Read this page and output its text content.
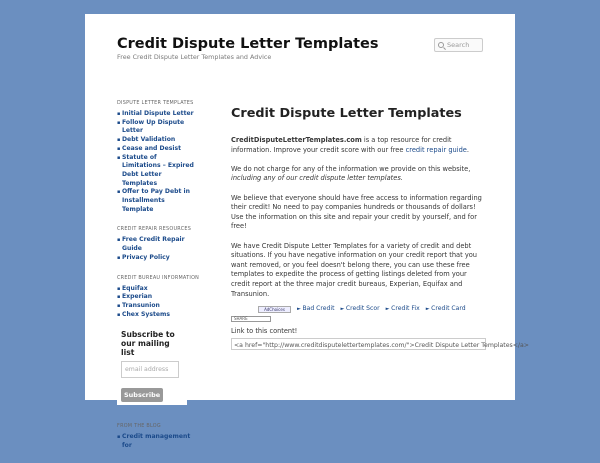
Credit Dispute Letter Templates
Free Credit Dispute Letter Templates and Advice
Search
DISPUTE LETTER TEMPLATES
▪ Initial Dispute Letter
▪ Follow Up Dispute Letter
▪ Debt Validation
▪ Cease and Desist
▪ Statute of Limitations – Expired Debt Letter Templates
▪ Offer to Pay Debt in Installments Template
CREDIT REPAIR RESOURCES
▪ Free Credit Repair Guide
▪ Privacy Policy
CREDIT BUREAU INFORMATION
▪ Equifax
▪ Experian
▪ Transunion
▪ Chex Systems
Subscribe to our mailing list
email address
Subscribe
FROM THE BLOG
▪ Credit management for
Credit Dispute Letter Templates

CreditDisputeLetterTemplates.com is a top resource for credit information. Improve your credit score with our free credit repair guide.

We do not charge for any of the information we provide on this website, including any of our credit dispute letter templates.

We believe that everyone should have free access to information regarding their credit! No need to pay companies hundreds or thousands of dollars! Use the information on this site and repair your credit by yourself, and for free!

We have Credit Dispute Letter Templates for a variety of credit and debt situations. If you have negative information on your credit report that you want removed, or you feel doesn't belong there, you can use these free templates to expedite the process of getting listings deleted from your credit report at the three major credit bureaus, Experian, Equifax and Transunion.

AdChoices	► Bad Credit	► Credit Scor	► Credit Fix	► Credit Card
SHARE
Link to this content!
<a href="http://www.creditdisputelettertemplates.com/">Credit Dispute Letter Templates</a>
